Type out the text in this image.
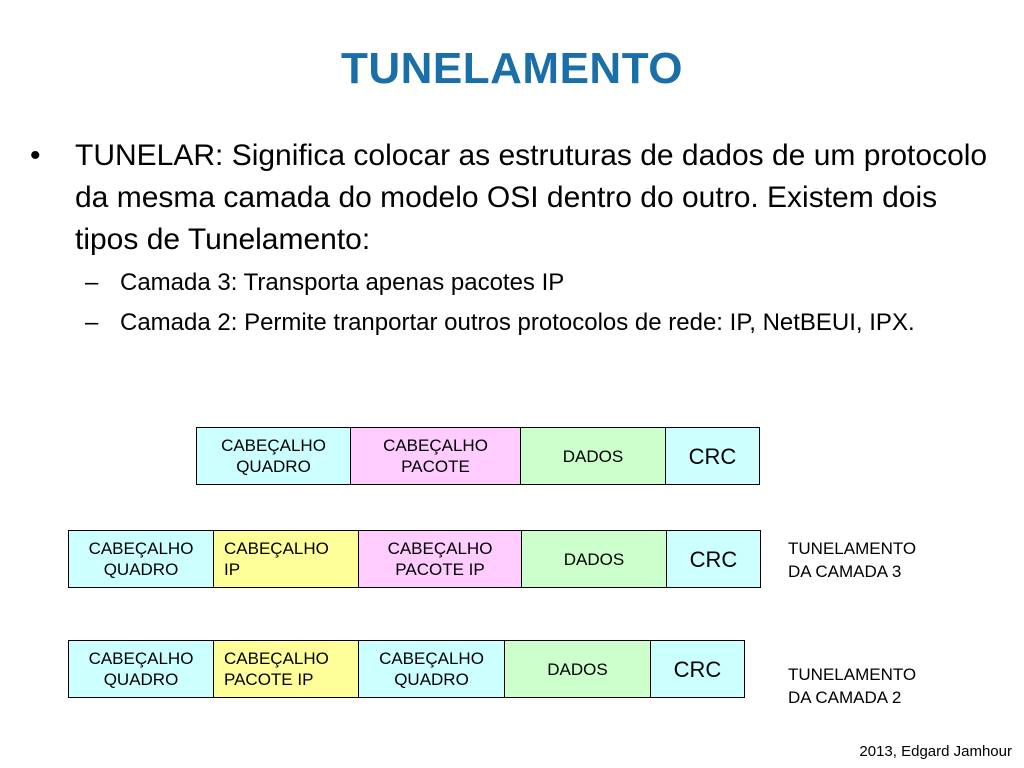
TUNELAMENTO
• TUNELAR: Significa colocar as estruturas de dados de um protocolo da mesma camada do modelo OSI dentro do outro. Existem dois tipos de Tunelamento:
– Camada 3: Transporta apenas pacotes IP
– Camada 2: Permite tranportar outros protocolos de rede: IP, NetBEUI, IPX.
CABEÇALHO
QUADRO
CABEÇALHO
PACOTE
DADOS	CRC
CABEÇALHO
QUADRO
CABEÇALHO
IP
CABEÇALHO
PACOTE IP
DADOS	CRC	TUNELAMENTO
DA CAMADA 3
CABEÇALHO
QUADRO
CABEÇALHO
PACOTE IP
CABEÇALHO
QUADRO
DADOS	CRC	TUNELAMENTO
DA CAMADA 2
2013, Edgard Jamhour
